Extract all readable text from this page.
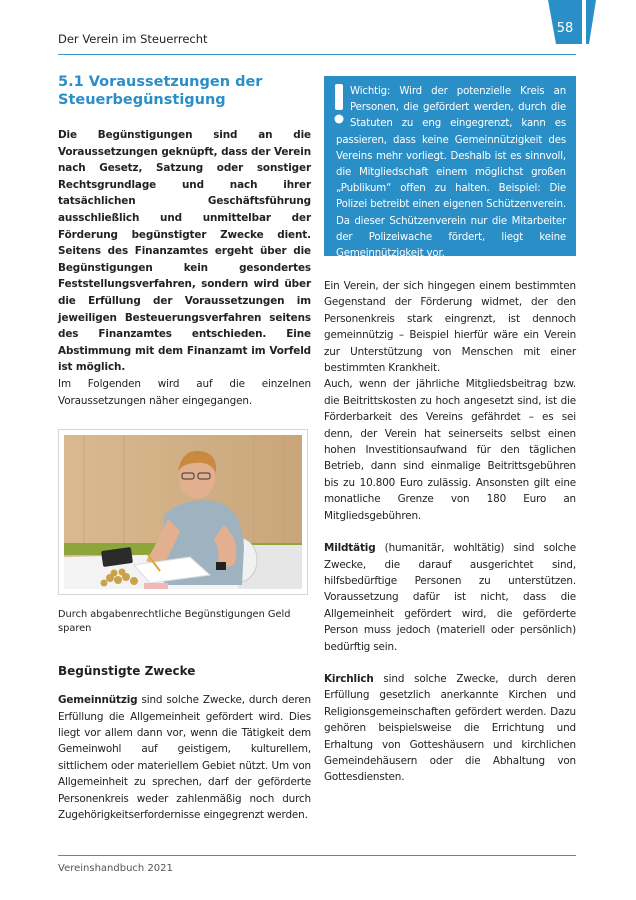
Der Verein im Steuerrecht
58
5.1 Voraussetzungen der Steuerbegünstigung

Die Begünstigungen sind an die Voraussetzungen geknüpft, dass der Verein nach Gesetz, Satzung oder sonstiger Rechtsgrundlage und nach ihrer tatsächlichen Geschäftsführung ausschließlich und unmittelbar der Förderung begünstigter Zwecke dient. Seitens des Finanzamtes ergeht über die Begünstigungen kein gesondertes Feststellungsverfahren, sondern wird über die Erfüllung der Voraussetzungen im jeweiligen Besteuerungsverfahren seitens des Finanzamtes entschieden. Eine Abstimmung mit dem Finanzamt im Vorfeld ist möglich.

Im Folgenden wird auf die einzelnen Voraussetzungen näher eingegangen.

Durch abgabenrechtliche Begünstigungen Geld sparen
Begünstigte Zwecke

Gemeinnützig sind solche Zwecke, durch deren Erfüllung die Allgemeinheit gefördert wird. Dies liegt vor allem dann vor, wenn die Tätigkeit dem Gemeinwohl auf geistigem, kulturellem, sittlichem oder materiellem Gebiet nützt. Um von Allgemeinheit zu sprechen, darf der geförderte Personenkreis weder zahlenmäßig noch durch Zugehörigkeitserfordernisse eingegrenzt werden.

Wichtig: Wird der potenzielle Kreis an Personen, die gefördert werden, durch die Statuten zu eng eingegrenzt, kann es passieren, dass keine Gemeinnützigkeit des Vereins mehr vorliegt. Deshalb ist es sinnvoll, die Mitgliedschaft einem möglichst großen „Publikum“ offen zu halten. Beispiel: Die Polizei betreibt einen eigenen Schützenverein. Da dieser Schützenverein nur die Mitarbeiter der Polizeiwache fördert, liegt keine Gemeinnützigkeit vor.

Ein Verein, der sich hingegen einem bestimmten Gegenstand der Förderung widmet, der den Personenkreis stark eingrenzt, ist dennoch gemeinnützig – Beispiel hierfür wäre ein Verein zur Unterstützung von Menschen mit einer bestimmten Krankheit.

Auch, wenn der jährliche Mitgliedsbeitrag bzw. die Beitrittskosten zu hoch angesetzt sind, ist die Förderbarkeit des Vereins gefährdet – es sei denn, der Verein hat seinerseits selbst einen hohen Investitionsaufwand für den täglichen Betrieb, dann sind einmalige Beitrittsgebühren bis zu 10.800 Euro zulässig. Ansonsten gilt eine monatliche Grenze von 180 Euro an Mitgliedsgebühren.

Mildtätig (humanitär, wohltätig) sind solche Zwecke, die darauf ausgerichtet sind, hilfsbedürftige Personen zu unterstützen. Voraussetzung dafür ist nicht, dass die Allgemeinheit gefördert wird, die geförderte Person muss jedoch (materiell oder persönlich) bedürftig sein.

Kirchlich sind solche Zwecke, durch deren Erfüllung gesetzlich anerkannte Kirchen und Religionsgemeinschaften gefördert werden. Dazu gehören beispielsweise die Errichtung und Erhaltung von Gotteshäusern und kirchlichen Gemeindehäusern oder die Abhaltung von Gottesdiensten.

Vereinshandbuch 2021
